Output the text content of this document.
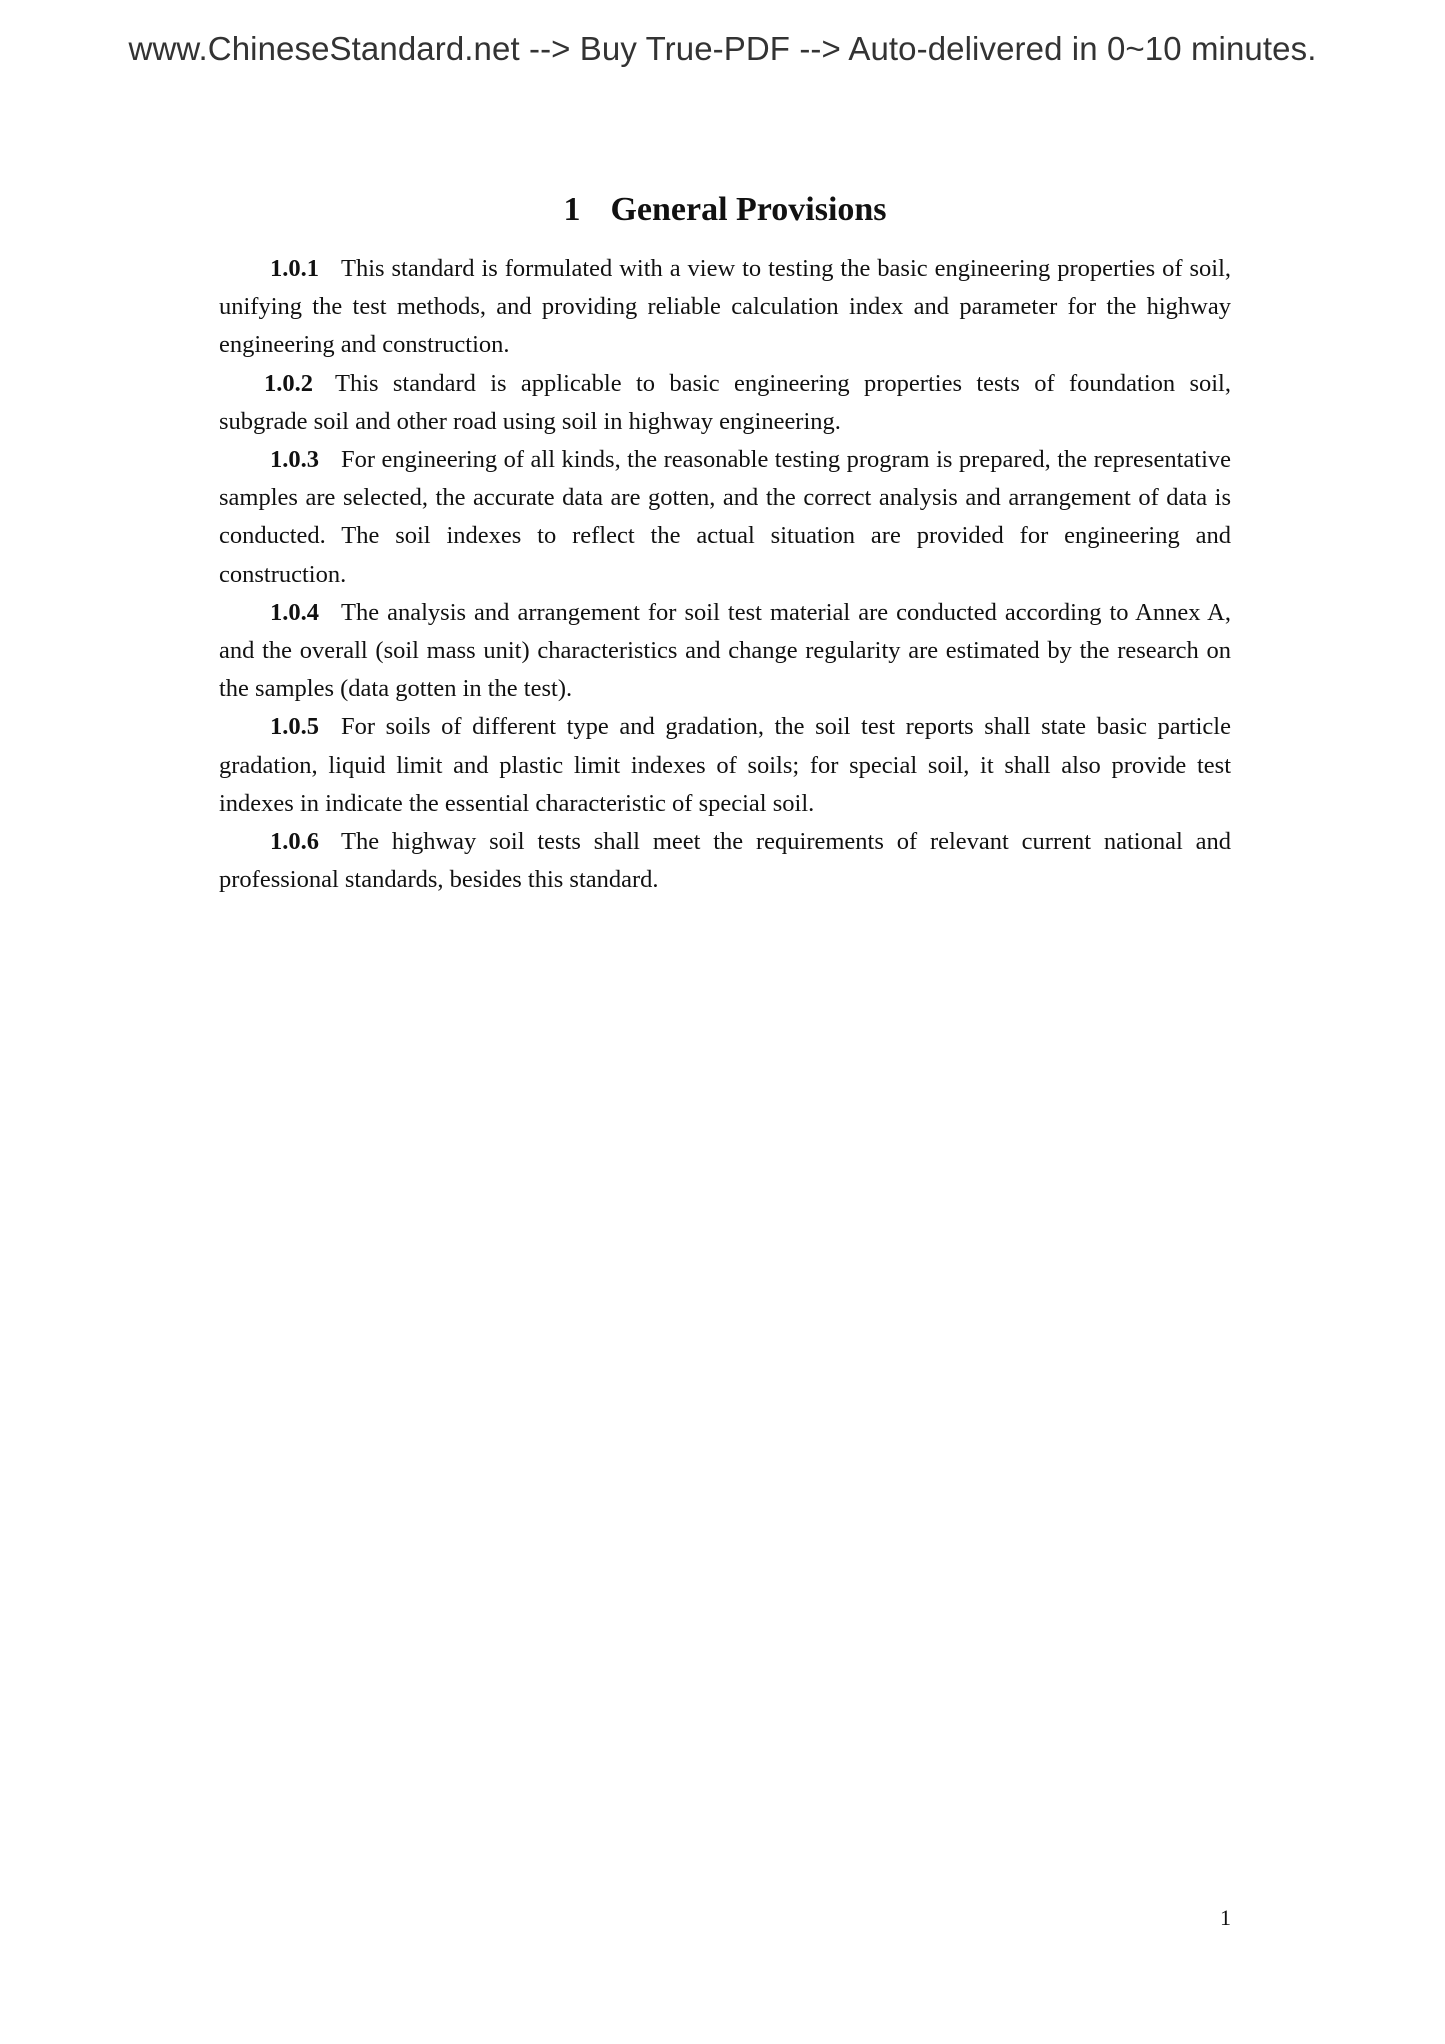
www.ChineseStandard.net --> Buy True-PDF --> Auto-delivered in 0~10 minutes.
1 General Provisions

1.0.1 This standard is formulated with a view to testing the basic engineering properties of soil, unifying the test methods, and providing reliable calculation index and parameter for the highway engineering and construction.

1.0.2 This standard is applicable to basic engineering properties tests of foundation soil, subgrade soil and other road using soil in highway engineering.

1.0.3 For engineering of all kinds, the reasonable testing program is prepared, the representative samples are selected, the accurate data are gotten, and the correct analysis and arrangement of data is conducted. The soil indexes to reflect the actual situation are provided for engineering and construction.

1.0.4 The analysis and arrangement for soil test material are conducted according to Annex A, and the overall (soil mass unit) characteristics and change regularity are estimated by the research on the samples (data gotten in the test).

1.0.5 For soils of different type and gradation, the soil test reports shall state basic particle gradation, liquid limit and plastic limit indexes of soils; for special soil, it shall also provide test indexes in indicate the essential characteristic of special soil.

1.0.6 The highway soil tests shall meet the requirements of relevant current national and professional standards, besides this standard.

1
